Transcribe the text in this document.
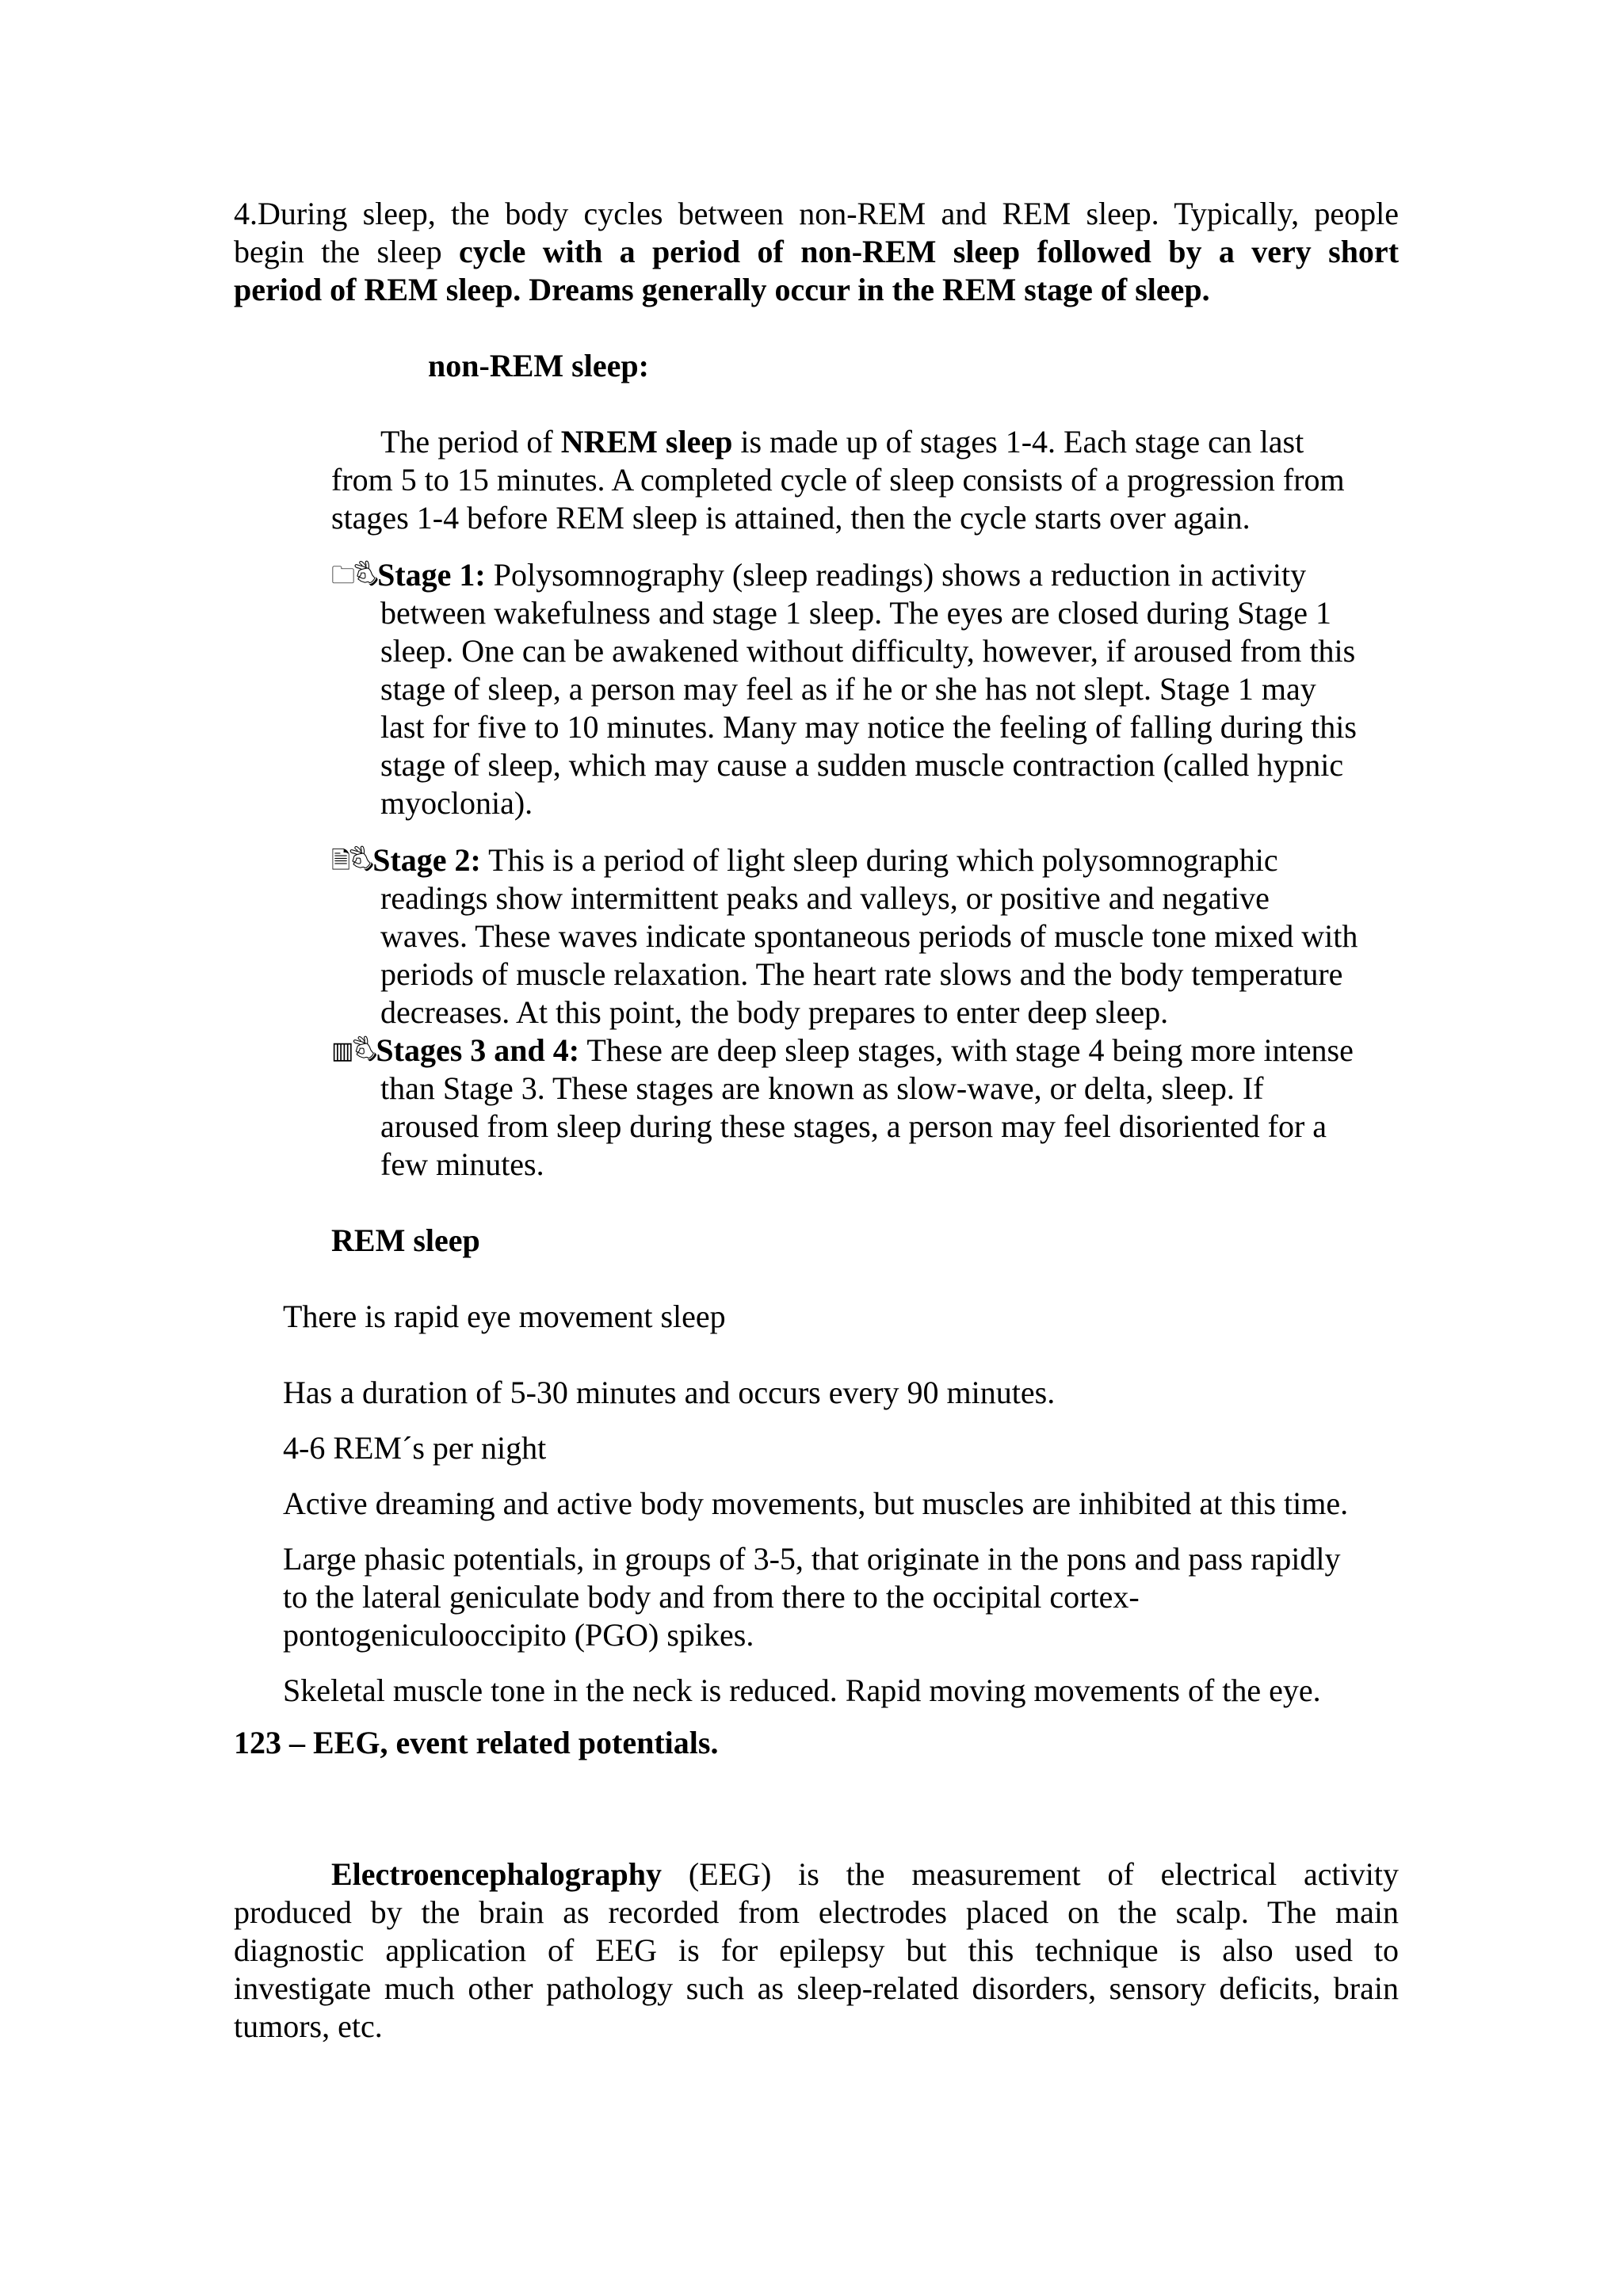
4.During sleep, the body cycles between non-REM and REM sleep. Typically, people

begin the sleep cycle with a period of non-REM sleep followed by a very short

period of REM sleep. Dreams generally occur in the REM stage of sleep.

non-REM sleep:

The period of NREM sleep is made up of stages 1-4. Each stage can last

from 5 to 15 minutes. A completed cycle of sleep consists of a progression from

stages 1-4 before REM sleep is attained, then the cycle starts over again.

🗀🖏Stage 1: Polysomnography (sleep readings) shows a reduction in activity

between wakefulness and stage 1 sleep. The eyes are closed during Stage 1

sleep. One can be awakened without difficulty, however, if aroused from this

stage of sleep, a person may feel as if he or she has not slept. Stage 1 may

last for five to 10 minutes. Many may notice the feeling of falling during this

stage of sleep, which may cause a sudden muscle contraction (called hypnic

myoclonia).

🗎🖏Stage 2: This is a period of light sleep during which polysomnographic

readings show intermittent peaks and valleys, or positive and negative

waves. These waves indicate spontaneous periods of muscle tone mixed with

periods of muscle relaxation. The heart rate slows and the body temperature

decreases. At this point, the body prepares to enter deep sleep.

▥🖏Stages 3 and 4: These are deep sleep stages, with stage 4 being more intense

than Stage 3. These stages are known as slow-wave, or delta, sleep. If

aroused from sleep during these stages, a person may feel disoriented for a

few minutes.

REM sleep

There is rapid eye movement sleep

Has a duration of 5-30 minutes and occurs every 90 minutes.

4-6 REM´s per night

Active dreaming and active body movements, but muscles are inhibited at this time.

Large phasic potentials, in groups of 3-5, that originate in the pons and pass rapidly

to the lateral geniculate body and from there to the occipital cortex-

pontogeniculooccipito (PGO) spikes.

Skeletal muscle tone in the neck is reduced. Rapid moving movements of the eye.

123 – EEG, event related potentials.

Electroencephalography (EEG) is the measurement of electrical activity

produced by the brain as recorded from electrodes placed on the scalp. The main

diagnostic application of EEG is for epilepsy but this technique is also used to

investigate much other pathology such as sleep-related disorders, sensory deficits, brain

tumors, etc.
